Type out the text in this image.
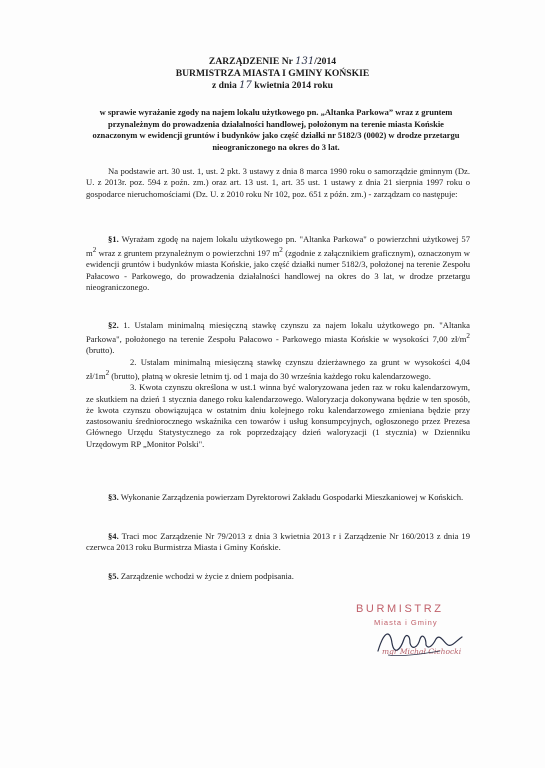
ZARZĄDZENIE Nr 131/2014
BURMISTRZA MIASTA I GMINY KOŃSKIE
z dnia 17 kwietnia 2014 roku
w sprawie wyrażanie zgody na najem lokalu użytkowego pn. „Altanka Parkowa” wraz z gruntem przynależnym do prowadzenia działalności handlowej, położonym na terenie miasta Końskie oznaczonym w ewidencji gruntów i budynków jako część działki nr 5182/3 (0002) w drodze przetargu nieograniczonego na okres do 3 lat.

Na podstawie art. 30 ust. 1, ust. 2 pkt. 3 ustawy z dnia 8 marca 1990 roku o samorządzie gminnym (Dz. U. z 2013r. poz. 594 z poźn. zm.) oraz art. 13 ust. 1, art. 35 ust. 1 ustawy z dnia 21 sierpnia 1997 roku o gospodarce nieruchomościami (Dz. U. z 2010 roku Nr 102, poz. 651 z późn. zm.) - zarządzam co następuje:

§1. Wyrażam zgodę na najem lokalu użytkowego pn. "Altanka Parkowa" o powierzchni użytkowej 57 $m^2$ wraz z gruntem przynależnym o powierzchni 197 $m^2$ (zgodnie z załącznikiem graficznym), oznaczonym w ewidencji gruntów i budynków miasta Końskie, jako część działki numer 5182/3, położonej na terenie Zespołu Pałacowo - Parkowego, do prowadzenia działalności handlowej na okres do 3 lat, w drodze przetargu nieograniczonego.

§2. 1. Ustalam minimalną miesięczną stawkę czynszu za najem lokalu użytkowego pn. "Altanka Parkowa", położonego na terenie Zespołu Pałacowo - Parkowego miasta Końskie w wysokości 7,00 $zł/m^2$ (brutto).

2. Ustalam minimalną miesięczną stawkę czynszu dzierżawnego za grunt w wysokości 4,04 $zł/1m^2$ (brutto), płatną w okresie letnim tj. od 1 maja do 30 września każdego roku kalendarzowego.

3. Kwota czynszu określona w ust.1 winna być waloryzowana jeden raz w roku kalendarzowym, ze skutkiem na dzień 1 stycznia danego roku kalendarzowego. Waloryzacja dokonywana będzie w ten sposób, że kwota czynszu obowiązująca w ostatnim dniu kolejnego roku kalendarzowego zmieniana będzie przy zastosowaniu średniorocznego wskaźnika cen towarów i usług konsumpcyjnych, ogłoszonego przez Prezesa Głównego Urzędu Statystycznego za rok poprzedzający dzień waloryzacji (1 stycznia) w Dzienniku Urzędowym RP „Monitor Polski".

§3. Wykonanie Zarządzenia powierzam Dyrektorowi Zakładu Gospodarki Mieszkaniowej w Końskich.

§4. Traci moc Zarządzenie Nr 79/2013 z dnia 3 kwietnia 2013 r i Zarządzenie Nr 160/2013 z dnia 19 czerwca 2013 roku Burmistrza Miasta i Gminy Końskie.

§5. Zarządzenie wchodzi w życie z dniem podpisania.

BURMISTRZ
Miasta i Gminy
mgr Michał Cichocki
